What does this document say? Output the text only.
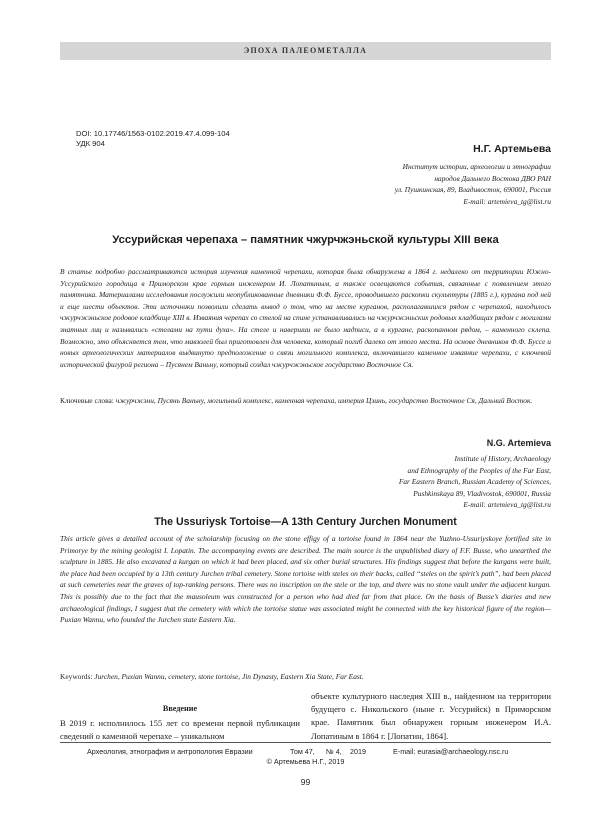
ЭПОХА ПАЛЕОМЕТАЛЛА
DOI: 10.17746/1563-0102.2019.47.4.099-104
УДК 904	Н.Г. Артемьева
Институт истории, археологии и этнографии
народов Дальнего Востока ДВО РАН
ул. Пушкинская, 89, Владивосток, 690001, Россия
E-mail: artemieva_tg@list.ru
Уссурийская черепаха – памятник чжурчжэньской культуры XIII века
В статье подробно рассматриваются история изучения каменной черепахи, которая была обнаружена в 1864 г. недалеко от территории Южно-Уссурийского городища в Приморском крае горным инженером И. Лопатиным, а также освещаются события, связанные с появлением этого памятника. Материалами исследования послужили неопубликованные дневники Ф.Ф. Буссе, проводившего раскопки скульптуры (1885 г.), кургана под ней и еще шести объектов. Эти источники позволили сделать вывод о том, что на месте курганов, располагавшихся рядом с черепахой, находилось чжурчжэньское родовое кладбище XIII в. Изваяния черепах со стелой на спине устанавливались на чжурчжэньских родовых кладбищах рядом с могилами знатных лиц и назывались «стелами на пути духа». На стеле и навершии не было надписи, а в кургане, раскопанном рядом, – каменного склепа. Возможно, это объясняется тем, что мавзолей был приготовлен для человека, который погиб далеко от этого места. На основе дневников Ф.Ф. Буссе и новых археологических материалов выдвинуто предположение о связи могильного комплекса, включавшего каменное изваяние черепахи, с ключевой исторической фигурой региона – Пусянем Ваньну, который создал чжурчжэньское государство Восточное Ся.
Ключевые слова: чжурчжэни, Пусянь Ваньну, могильный комплекс, каменная черепаха, империя Цзинь, государство Восточное Ся, Дальний Восток.
N.G. Artemieva
Institute of History, Archaeology
and Ethnography of the Peoples of the Far East,
Far Eastern Branch, Russian Academy of Sciences,
Pushkinskaya 89, Vladivostok, 690001, Russia
E-mail: artemieva_tg@list.ru
The Ussuriysk Tortoise—A 13th Century Jurchen Monument
This article gives a detailed account of the scholarship focusing on the stone effigy of a tortoise found in 1864 near the Yuzhno-Ussuriyskoye fortified site in Primorye by the mining geologist I. Lopatin. The accompanying events are described. The main source is the unpublished diary of F.F. Busse, who unearthed the sculpture in 1885. He also excavated a kurgan on which it had been placed, and six other burial structures. His findings suggest that before the kurgans were built, the place had been occupied by a 13th century Jurchen tribal cemetery. Stone tortoise with steles on their backs, called “steles on the spirit’s path”, had been placed at such cemeteries near the graves of top-ranking persons. There was no inscription on the stele or the top, and there was no stone vault under the adjacent kurgan. This is possibly due to the fact that the mausoleum was constructed for a person who had died far from that place. On the basis of Busse’s diaries and new archaeological findings, I suggest that the cemetery with which the tortoise statue was associated might be connected with the key historical figure of the region—Puxian Wannu, who founded the Jurchen state Eastern Xia.
Keywords: Jurchen, Puxian Wannu, cemetery, stone tortoise, Jin Dynasty, Eastern Xia State, Far East.
Введение
В 2019 г. исполнилось 155 лет со времени первой публикации сведений о каменной черепахе – уникальном
объекте культурного наследия XIII в., найденном на территории будущего с. Никольского (ныне г. Уссурийск) в Приморском крае. Памятник был обнаружен горным инженером И.А. Лопатиным в 1864 г. [Лопатин, 1864].
Археология, этнография и антропология Евразии	Том 47, № 4, 2019	E-mail: eurasia@archaeology.nsc.ru
© Артемьева Н.Г., 2019
99
